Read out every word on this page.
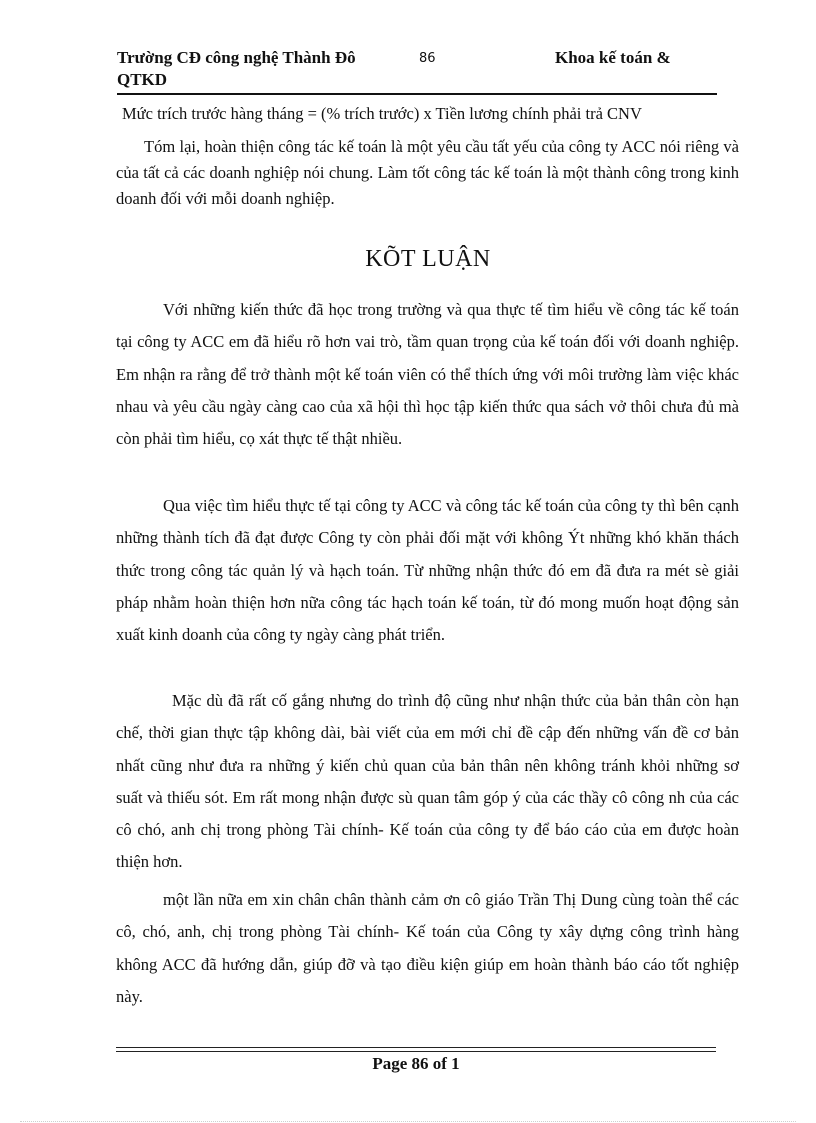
Trường CĐ công nghệ Thành Đô QTKD
86	Khoa kế toán &
Mức trích trước hàng tháng = (% trích trước) x Tiền lương chính phải trả CNV
Tóm lại, hoàn thiện công tác kế toán là một yêu cầu tất yếu của công ty ACC nói riêng và của tất cả các doanh nghiệp nói chung. Làm tốt công tác kế toán là một thành công trong kinh doanh đối với mỗi doanh nghiệp.
KÕT LUẬN
Với những kiến thức đã học trong trường và qua thực tế tìm hiểu về công tác kế toán tại công ty ACC em đã hiểu rõ hơn vai trò, tầm quan trọng của kế toán đối với doanh nghiệp. Em nhận ra rằng để trở thành một kế toán viên có thể thích ứng với môi trường làm việc khác nhau và yêu cầu ngày càng cao của xã hội thì học tập kiến thức qua sách vở thôi chưa đủ mà còn phải tìm hiểu, cọ xát thực tế thật nhiều.
Qua việc tìm hiểu thực tế tại công ty ACC và công tác kế toán của công ty thì bên cạnh những thành tích đã đạt được Công ty còn phải đối mặt với không Ýt những khó khăn thách thức trong công tác quản lý và hạch toán. Từ những nhận thức đó em đã đưa ra mét sè giải pháp nhằm hoàn thiện hơn nữa công tác hạch toán kế toán, từ đó mong muốn hoạt động sản xuất kinh doanh của công ty ngày càng phát triển.
Mặc dù đã rất cố gắng nhưng do trình độ cũng như nhận thức của bản thân còn hạn chế, thời gian thực tập không dài, bài viết của em mới chỉ đề cập đến những vấn đề cơ bản nhất cũng như đưa ra những ý kiến chủ quan của bản thân nên không tránh khỏi những sơ suất và thiếu sót. Em rất mong nhận được sù quan tâm góp ý của các thầy cô công nh của các cô chó, anh chị trong phòng Tài chính- Kế toán của công ty để báo cáo của em được hoàn thiện hơn.
một lần nữa em xin chân chân thành cảm ơn cô giáo Trần Thị Dung cùng toàn thể các cô, chó, anh, chị trong phòng Tài chính- Kế toán của Công ty xây dựng công trình hàng không ACC đã hướng dẫn, giúp đỡ và tạo điều kiện giúp em hoàn thành báo cáo tốt nghiệp này.
Page 86 of 1
